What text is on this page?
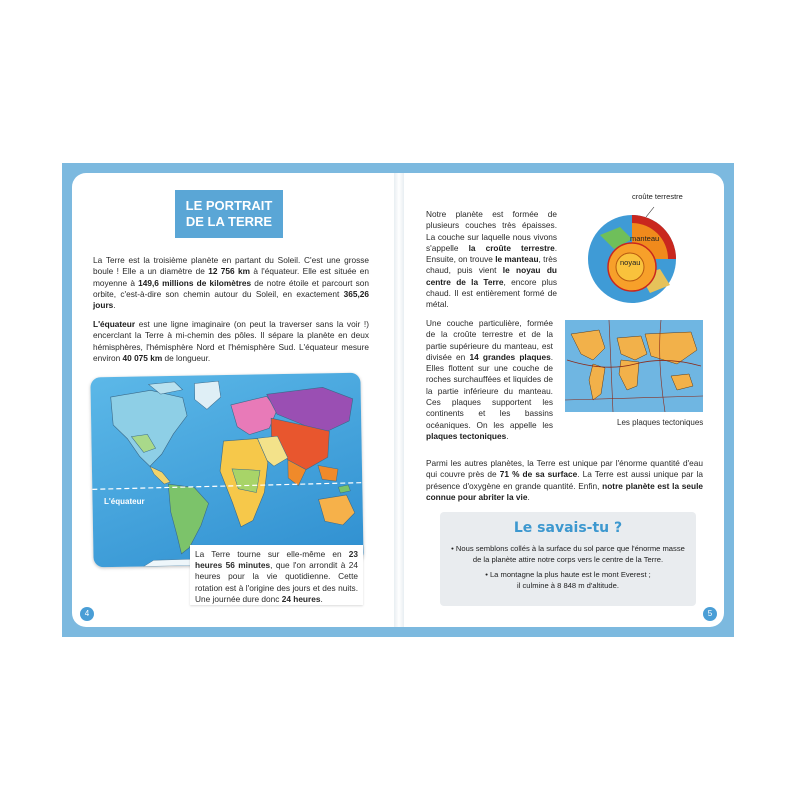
LE PORTRAIT
DE LA TERRE

La Terre est la troisième planète en partant du Soleil. C'est une grosse boule ! Elle a un diamètre de 12 756 km à l'équateur. Elle est située en moyenne à 149,6 millions de kilomètres de notre étoile et parcourt son orbite, c'est-à-dire son chemin autour du Soleil, en exactement 365,26 jours.

L'équateur est une ligne imaginaire (on peut la traverser sans la voir !) encerclant la Terre à mi-chemin des pôles. Il sépare la planète en deux hémisphères, l'hémisphère Nord et l'hémisphère Sud. L'équateur mesure environ 40 075 km de longueur.

L'équateur
La Terre tourne sur elle-même en 23 heures 56 minutes, que l'on arrondit à 24 heures pour la vie quotidienne. Cette rotation est à l'origine des jours et des nuits. Une journée dure donc 24 heures.
4

Notre planète est formée de plusieurs couches très épaisses. La couche sur laquelle nous vivons s'appelle la croûte terrestre. Ensuite, on trouve le manteau, très chaud, puis vient le noyau du centre de la Terre, encore plus chaud. Il est entièrement formé de métal.

croûte terrestre
manteau
noyau

Une couche particulière, formée de la croûte terrestre et de la partie supérieure du manteau, est divisée en 14 grandes plaques. Elles flottent sur une couche de roches surchauffées et liquides de la partie inférieure du manteau. Ces plaques supportent les continents et les bassins océaniques. On les appelle les plaques tectoniques.

Les plaques tectoniques

Parmi les autres planètes, la Terre est unique par l'énorme quantité d'eau qui couvre près de 71 % de sa surface. La Terre est aussi unique par la présence d'oxygène en grande quantité. Enfin, notre planète est la seule connue pour abriter la vie.

Le savais-tu ?
• Nous semblons collés à la surface du sol parce que l'énorme masse
de la planète attire notre corps vers le centre de la Terre.
• La montagne la plus haute est le mont Everest ;
il culmine à 8 848 m d'altitude.
5
